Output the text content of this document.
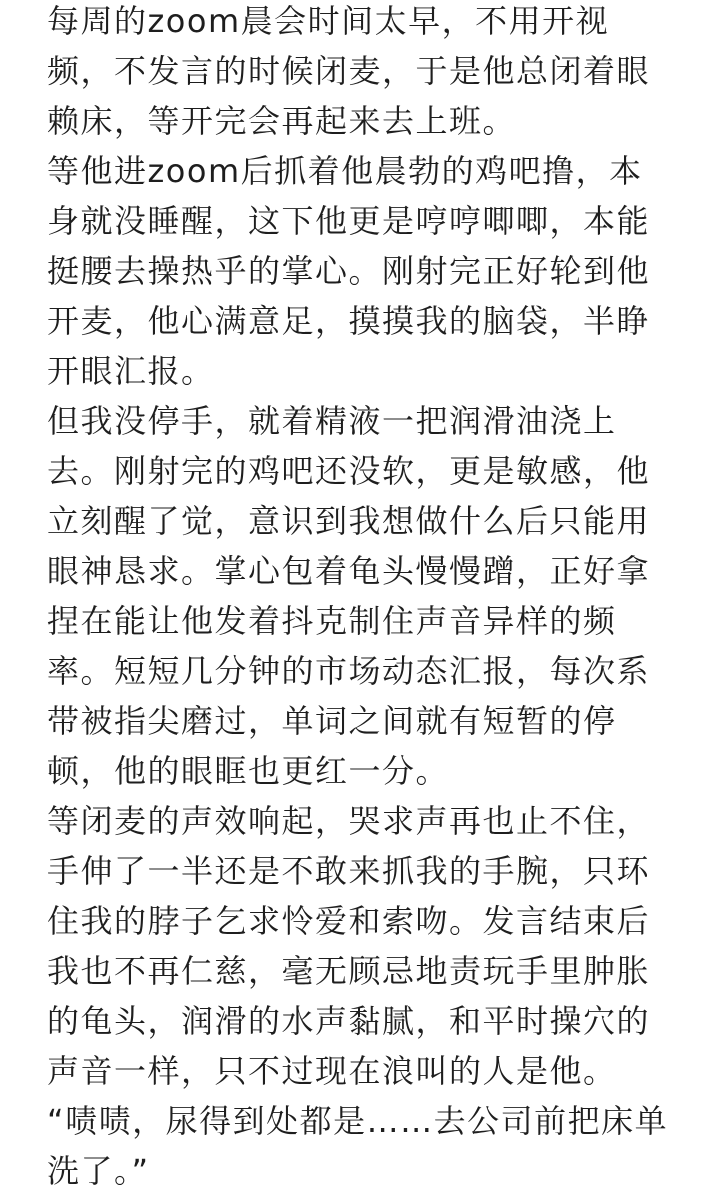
每周的zoom晨会时间太早，不用开视
频，不发言的时候闭麦，于是他总闭着眼
赖床，等开完会再起来去上班。
等他进zoom后抓着他晨勃的鸡吧撸，本
身就没睡醒，这下他更是哼哼唧唧，本能
挺腰去操热乎的掌心。刚射完正好轮到他
开麦，他心满意足，摸摸我的脑袋，半睁
开眼汇报。
但我没停手，就着精液一把润滑油浇上
去。刚射完的鸡吧还没软，更是敏感，他
立刻醒了觉，意识到我想做什么后只能用
眼神恳求。掌心包着龟头慢慢蹭，正好拿
捏在能让他发着抖克制住声音异样的频
率。短短几分钟的市场动态汇报，每次系
带被指尖磨过，单词之间就有短暂的停
顿，他的眼眶也更红一分。
等闭麦的声效响起，哭求声再也止不住，
手伸了一半还是不敢来抓我的手腕，只环
住我的脖子乞求怜爱和索吻。发言结束后
我也不再仁慈，毫无顾忌地责玩手里肿胀
的龟头，润滑的水声黏腻，和平时操穴的
声音一样，只不过现在浪叫的人是他。
“啧啧，尿得到处都是……去公司前把床单
洗了。”
